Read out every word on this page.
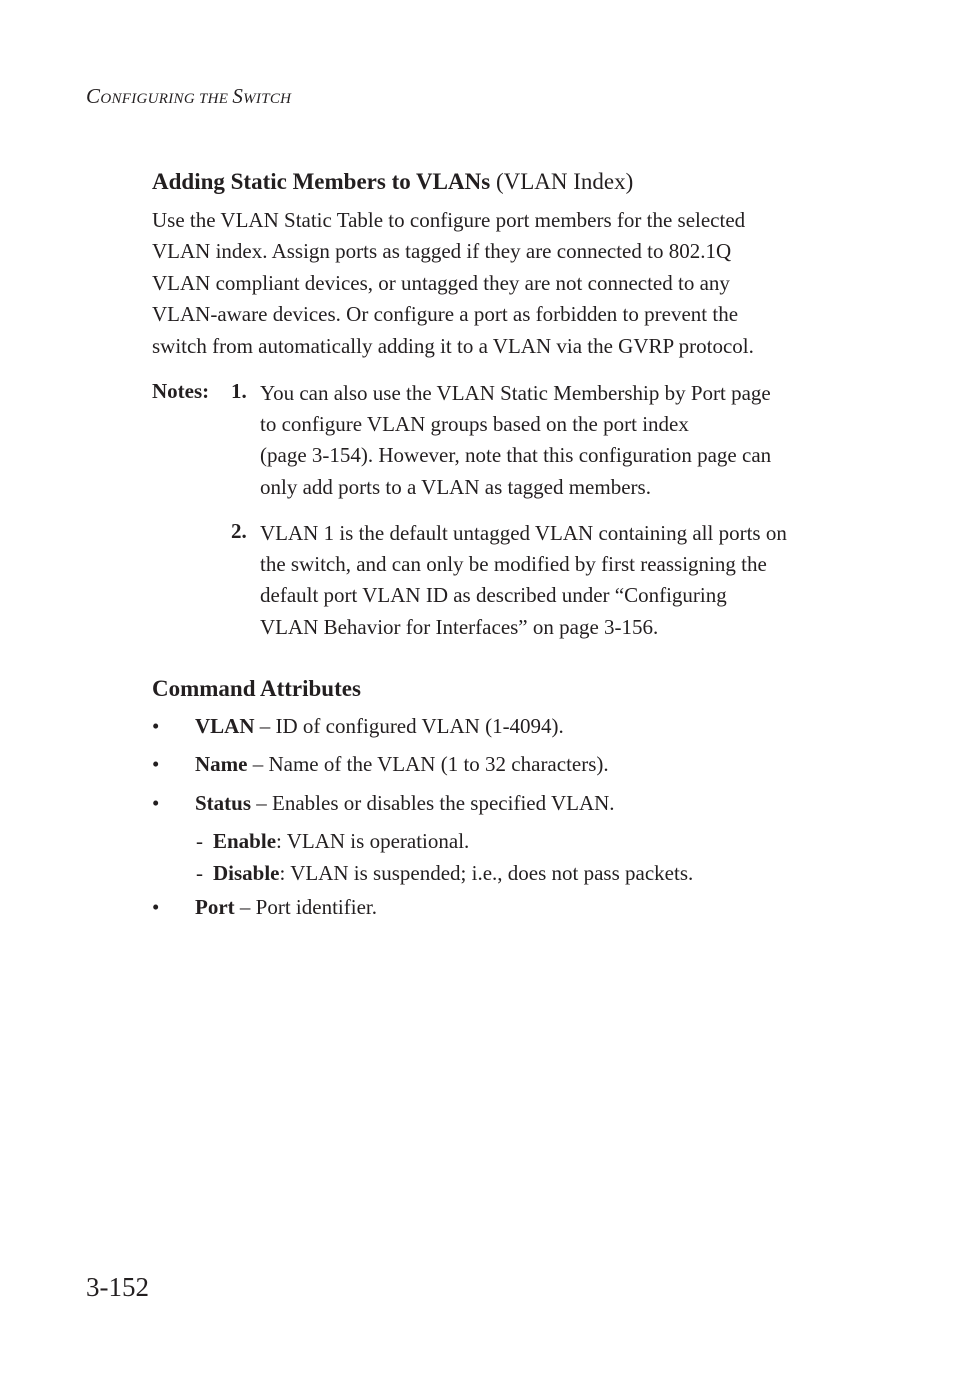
CONFIGURING THE SWITCH
Adding Static Members to VLANs (VLAN Index)
Use the VLAN Static Table to configure port members for the selected
VLAN index. Assign ports as tagged if they are connected to 802.1Q
VLAN compliant devices, or untagged they are not connected to any
VLAN-aware devices. Or configure a port as forbidden to prevent the
switch from automatically adding it to a VLAN via the GVRP protocol.
Notes: 1. You can also use the VLAN Static Membership by Port page
to configure VLAN groups based on the port index
(page 3-154). However, note that this configuration page can
only add ports to a VLAN as tagged members.
2. VLAN 1 is the default untagged VLAN containing all ports on
the switch, and can only be modified by first reassigning the
default port VLAN ID as described under “Configuring
VLAN Behavior for Interfaces” on page 3-156.
Command Attributes
• VLAN – ID of configured VLAN (1-4094).
• Name – Name of the VLAN (1 to 32 characters).
• Status – Enables or disables the specified VLAN.
- Enable: VLAN is operational.
- Disable: VLAN is suspended; i.e., does not pass packets.
• Port – Port identifier.
3-152
